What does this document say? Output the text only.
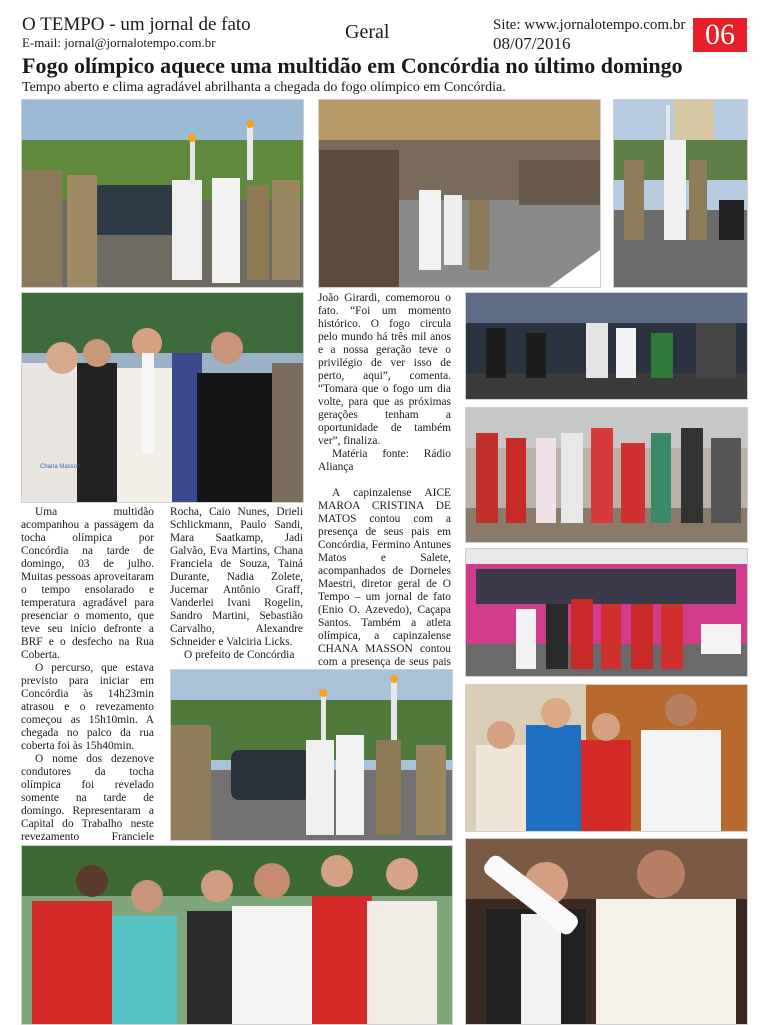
O TEMPO - um jornal de fato
E-mail: jornal@jornalotempo.com.br	Geral	Site: www.jornalotempo.com.br
08/07/2016	06
Fogo olímpico aquece uma multidão em Concórdia no último domingo
Tempo aberto e clima agradável abrilhanta a chegada do fogo olímpico em Concórdia.
Chana Masson

João Girardi, comemorou o fato. “Foi um momento histórico. O fogo circula pelo mundo há três mil anos e a nossa geração teve o privilégio de ver isso de perto, aqui”, comenta. “Tomara que o fogo um dia volte, para que as próximas gerações tenham a oportunidade de também ver”, finaliza.

Matéria fonte: Rádio Aliança

A capinzalense AICE MAROA CRISTINA DE MATOS contou com a presença de seus pais em Concórdia, Fermino Antunes Matos e Salete, acompanhados de Dorneles Maestri, diretor geral de O Tempo – um jornal de fato (Enio O. Azevedo), Caçapa Santos. Também a atleta olímpica, a capinzalense CHANA MASSON contou com a presença de seus pais

Uma multidão acompanhou a passagem da tocha olímpica por Concórdia na tarde de domingo, 03 de julho. Muitas pessoas aproveitaram o tempo ensolarado e temperatura agradável para presenciar o momento, que teve seu início defronte a BRF e o desfecho na Rua Coberta.

O percurso, que estava previsto para iniciar em Concórdia às 14h23min atrasou e o revezamento começou as 15h10min. A chegada no palco da rua coberta foi às 15h40min.

O nome dos dezenove condutores da tocha olímpica foi revelado somente na tarde de domingo. Representaram a Capital do Trabalho neste revezamento Franciele

Rocha, Caio Nunes, Drieli Schlickmann, Paulo Sandi, Mara Saatkamp, Jadi Galvão, Eva Martins, Chana Franciela de Souza, Tainá Durante, Nadia Zolete, Jucemar Antônio Graff, Vanderlei Ivani Rogelin, Sandro Martini, Sebastião Carvalho, Alexandre Schneider e Valciria Licks.

O prefeito de Concórdia
